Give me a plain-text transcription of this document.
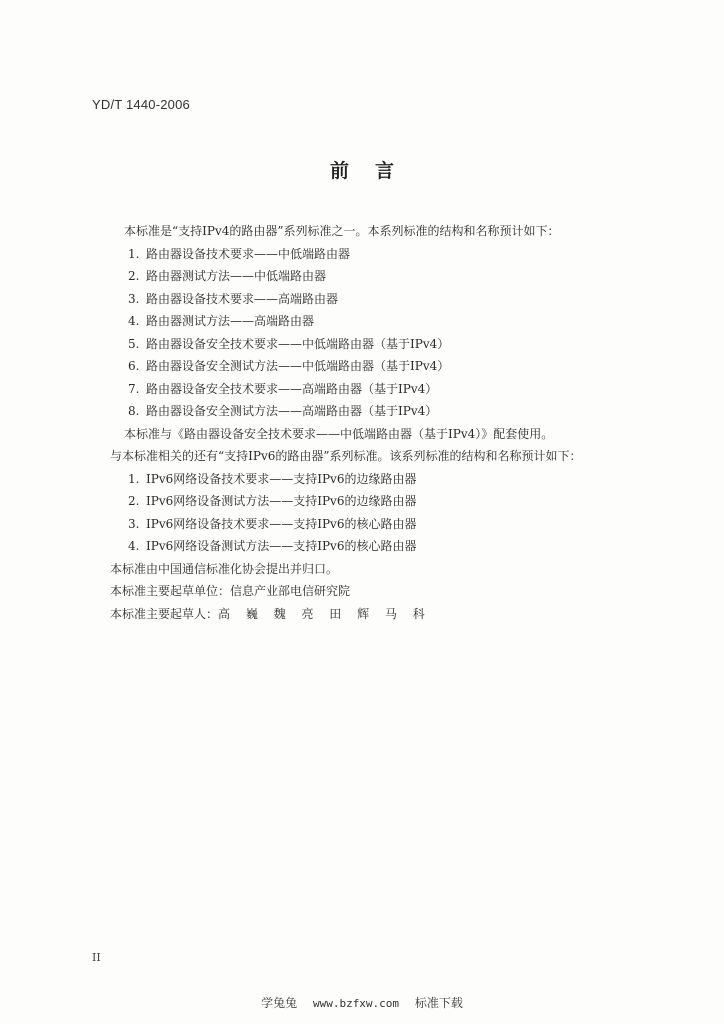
YD/T 1440-2006
前言
本标准是“支持IPv4的路由器”系列标准之一。本系列标准的结构和名称预计如下：
1. 路由器设备技术要求——中低端路由器
2. 路由器测试方法——中低端路由器
3. 路由器设备技术要求——高端路由器
4. 路由器测试方法——高端路由器
5. 路由器设备安全技术要求——中低端路由器（基于IPv4）
6. 路由器设备安全测试方法——中低端路由器（基于IPv4）
7. 路由器设备安全技术要求——高端路由器（基于IPv4）
8. 路由器设备安全测试方法——高端路由器（基于IPv4）
本标准与《路由器设备安全技术要求——中低端路由器（基于IPv4）》配套使用。
与本标准相关的还有“支持IPv6的路由器”系列标准。该系列标准的结构和名称预计如下：
1. IPv6网络设备技术要求——支持IPv6的边缘路由器
2. IPv6网络设备测试方法——支持IPv6的边缘路由器
3. IPv6网络设备技术要求——支持IPv6的核心路由器
4. IPv6网络设备测试方法——支持IPv6的核心路由器
本标准由中国通信标准化协会提出并归口。
本标准主要起草单位：信息产业部电信研究院
本标准主要起草人：高 巍 魏 亮 田 辉 马 科
II
学兔兔 www.bzfxw.com 标准下载
